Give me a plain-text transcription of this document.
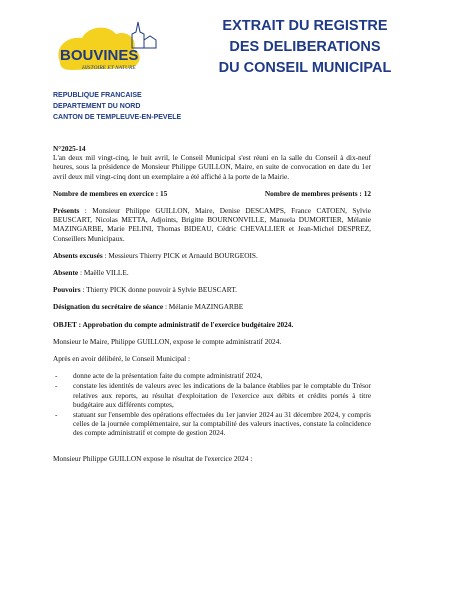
BOUVINES
HISTOIRE ET NATURE
EXTRAIT DU REGISTRE
DES DELIBERATIONS
DU CONSEIL MUNICIPAL
REPUBLIQUE FRANCAISE
DEPARTEMENT DU NORD
CANTON DE TEMPLEUVE-EN-PEVELE
N°2025-14

L'an deux mil vingt-cinq, le huit avril, le Conseil Municipal s'est réuni en la salle du Conseil à dix-neuf heures, sous la présidence de Monsieur Philippe GUILLON, Maire, en suite de convocation en date du 1er avril deux mil vingt-cinq dont un exemplaire a été affiché à la porte de la Mairie.

Nombre de membres en exercice : 15	Nombre de membres présents : 12

Présents : Monsieur Philippe GUILLON, Maire, Denise DESCAMPS, France CATOEN, Sylvie BEUSCART, Nicolas METTA, Adjoints, Brigitte BOURNONVILLE, Manuela DUMORTIER, Mélanie MAZINGARBE, Marie PELINI, Thomas BIDEAU, Cédric CHEVALLIER et Jean-Michel DESPREZ, Conseillers Municipaux.

Absents excusés : Messieurs Thierry PICK et Arnauld BOURGEOIS.

Absente : Maëlle VILLE.

Pouvoirs : Thierry PICK donne pouvoir à Sylvie BEUSCART.

Désignation du secrétaire de séance : Mélanie MAZINGARBE

OBJET : Approbation du compte administratif de l'exercice budgétaire 2024.

Monsieur le Maire, Philippe GUILLON, expose le compte administratif 2024.

Après en avoir délibéré, le Conseil Municipal :

-	donne acte de la présentation faite du compte administratif 2024,
-	constate les identités de valeurs avec les indications de la balance établies par le comptable du Trésor relatives aux reports, au résultat d'exploitation de l'exercice aux débits et crédits portés à titre budgétaire aux différents comptes,
-	statuant sur l'ensemble des opérations effectuées du 1er janvier 2024 au 31 décembre 2024, y compris celles de la journée complémentaire, sur la comptabilité des valeurs inactives, constate la coïncidence des compte administratif et compte de gestion 2024.

Monsieur Philippe GUILLON expose le résultat de l'exercice 2024 :
